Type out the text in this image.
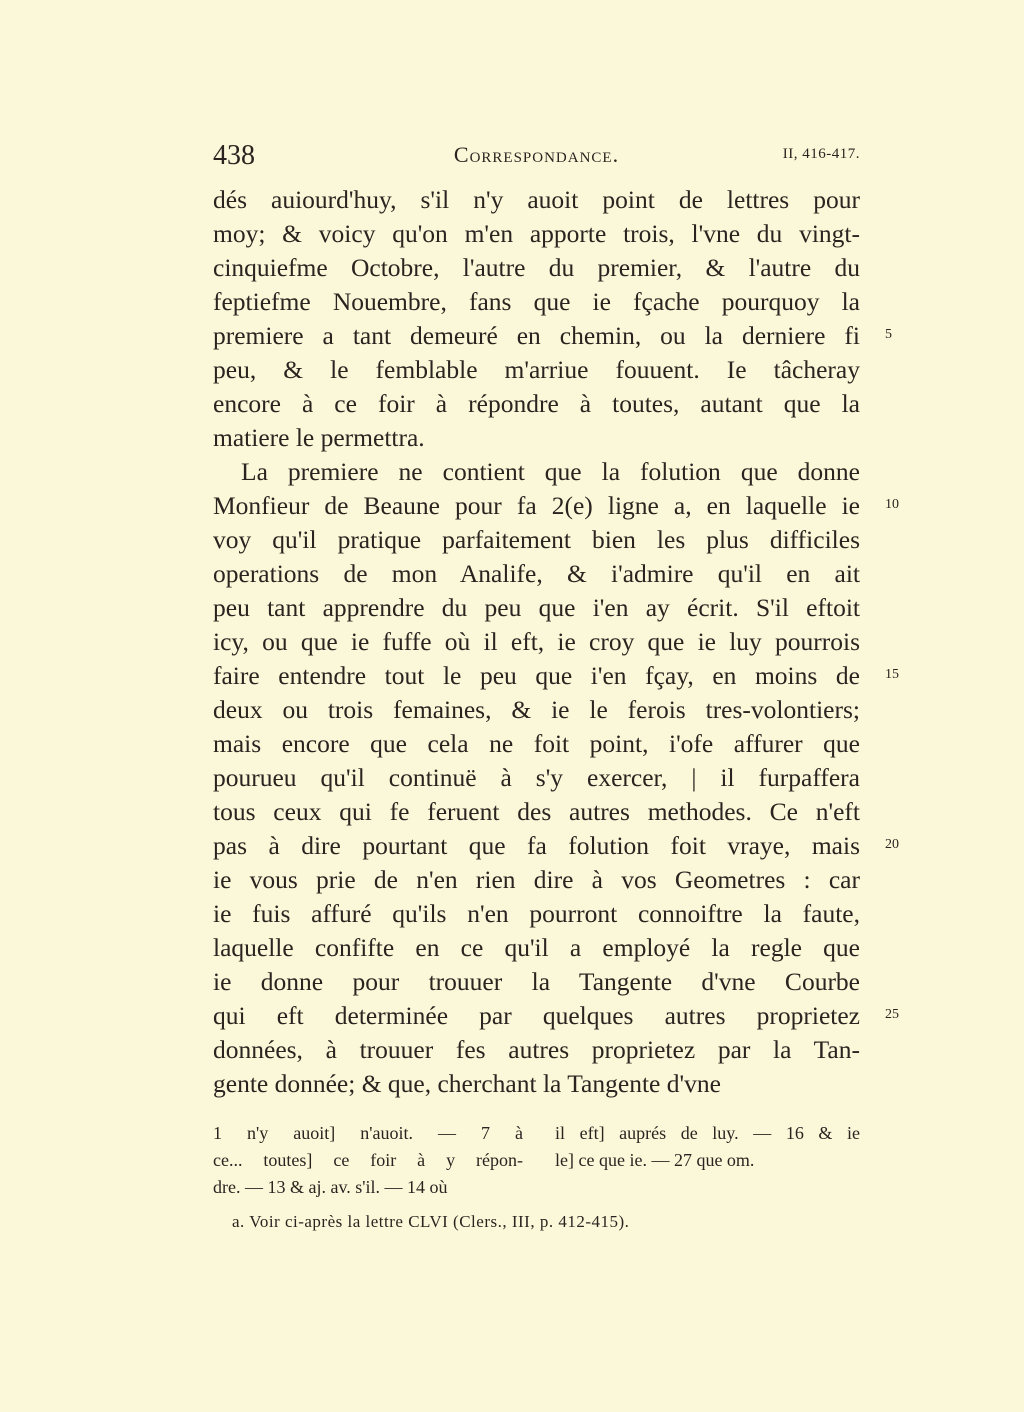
438	Correspondance.	II, 416-417.
dés auiourd'huy, s'il n'y auoit point de lettres pour
moy; & voicy qu'on m'en apporte trois, l'vne du vingt-
cinquiefme Octobre, l'autre du premier, & l'autre du
feptiefme Nouembre, fans que ie fçache pourquoy la
premiere a tant demeuré en chemin, ou la derniere fi
peu, & le femblable m'arriue fouuent. Ie tâcheray
encore à ce foir à répondre à toutes, autant que la
matiere le permettra.
La premiere ne contient que la folution que donne
Monfieur de Beaune pour fa 2(e) ligne a, en laquelle ie
voy qu'il pratique parfaitement bien les plus difficiles
operations de mon Analife, & i'admire qu'il en ait
peu tant apprendre du peu que i'en ay écrit. S'il eftoit
icy, ou que ie fuffe où il eft, ie croy que ie luy pourrois
faire entendre tout le peu que i'en fçay, en moins de
deux ou trois femaines, & ie le ferois tres-volontiers;
mais encore que cela ne foit point, i'ofe affurer que
pourueu qu'il continuë à s'y exercer, | il furpaffera
tous ceux qui fe feruent des autres methodes. Ce n'eft
pas à dire pourtant que fa folution foit vraye, mais
ie vous prie de n'en rien dire à vos Geometres : car
ie fuis affuré qu'ils n'en pourront connoiftre la faute,
laquelle confifte en ce qu'il a employé la regle que
ie donne pour trouuer la Tangente d'vne Courbe
qui eft determinée par quelques autres proprietez
données, à trouuer fes autres proprietez par la Tan-
gente donnée; & que, cherchant la Tangente d'vne
5
10
15
20
25
1 n'y auoit] n'auoit. — 7 à
ce... toutes] ce foir à y répon-
dre. — 13 & aj. av. s'il. — 14 où
il eft] auprés de luy. — 16 & ie
le] ce que ie. — 27 que om.
a. Voir ci-après la lettre CLVI (Clers., III, p. 412-415).
